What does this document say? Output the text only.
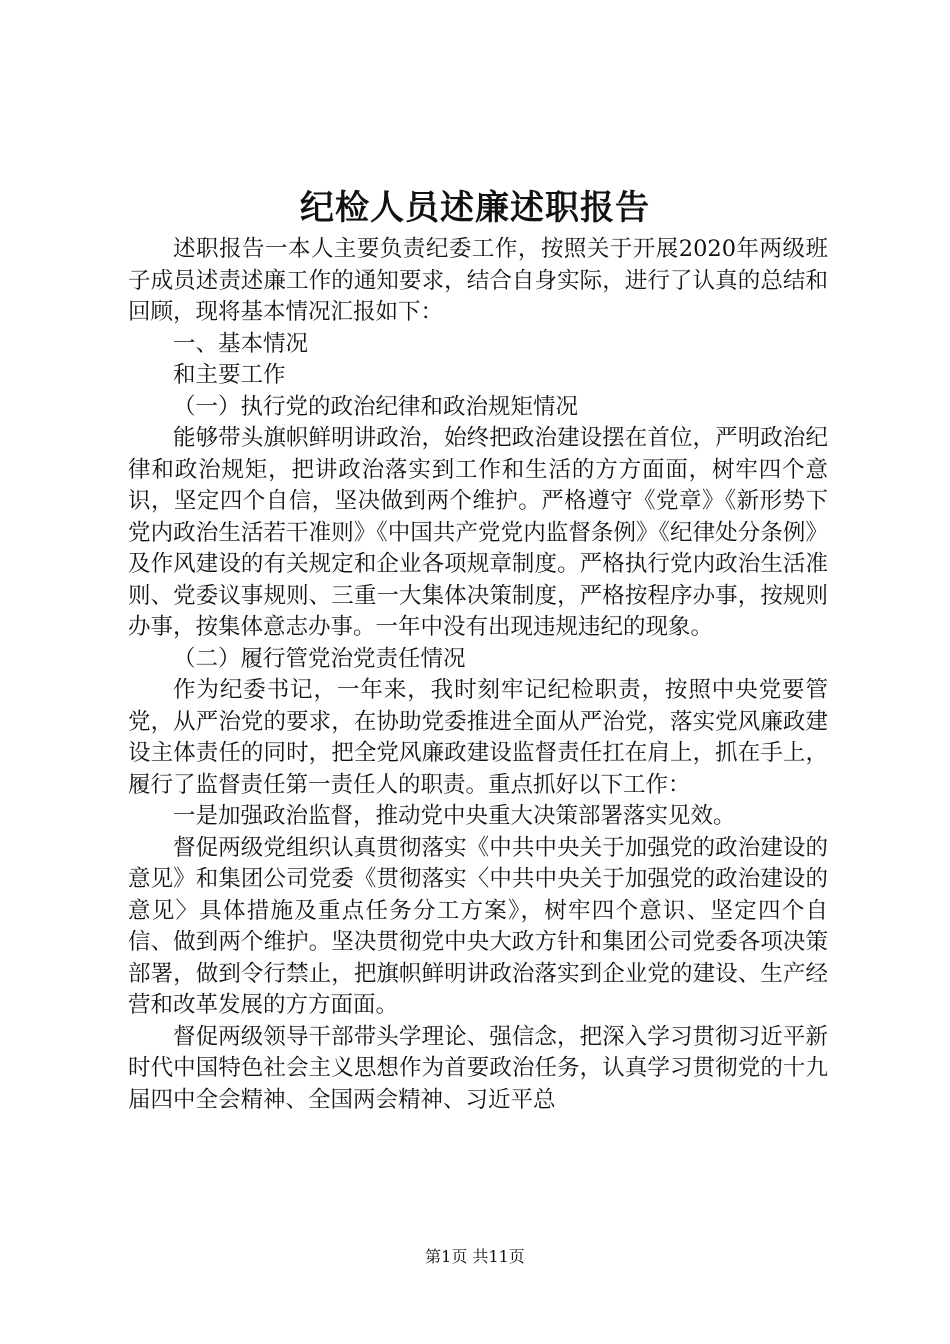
纪检人员述廉述职报告

述职报告一本人主要负责纪委工作，按照关于开展2020年两级班子成员述责述廉工作的通知要求，结合自身实际，进行了认真的总结和回顾，现将基本情况汇报如下：

一、基本情况

和主要工作

（一）执行党的政治纪律和政治规矩情况

能够带头旗帜鲜明讲政治，始终把政治建设摆在首位，严明政治纪律和政治规矩，把讲政治落实到工作和生活的方方面面，树牢四个意识，坚定四个自信，坚决做到两个维护。严格遵守《党章》《新形势下党内政治生活若干准则》《中国共产党党内监督条例》《纪律处分条例》及作风建设的有关规定和企业各项规章制度。严格执行党内政治生活准则、党委议事规则、三重一大集体决策制度，严格按程序办事，按规则办事，按集体意志办事。一年中没有出现违规违纪的现象。

（二）履行管党治党责任情况

作为纪委书记，一年来，我时刻牢记纪检职责，按照中央党要管党，从严治党的要求，在协助党委推进全面从严治党，落实党风廉政建设主体责任的同时，把全党风廉政建设监督责任扛在肩上，抓在手上，履行了监督责任第一责任人的职责。重点抓好以下工作：

一是加强政治监督，推动党中央重大决策部署落实见效。

督促两级党组织认真贯彻落实《中共中央关于加强党的政治建设的意见》和集团公司党委《贯彻落实〈中共中央关于加强党的政治建设的意见〉具体措施及重点任务分工方案》，树牢四个意识、坚定四个自信、做到两个维护。坚决贯彻党中央大政方针和集团公司党委各项决策部署，做到令行禁止，把旗帜鲜明讲政治落实到企业党的建设、生产经营和改革发展的方方面面。

督促两级领导干部带头学理论、强信念，把深入学习贯彻习近平新时代中国特色社会主义思想作为首要政治任务，认真学习贯彻党的十九届四中全会精神、全国两会精神、习近平总

第1页 共11页
